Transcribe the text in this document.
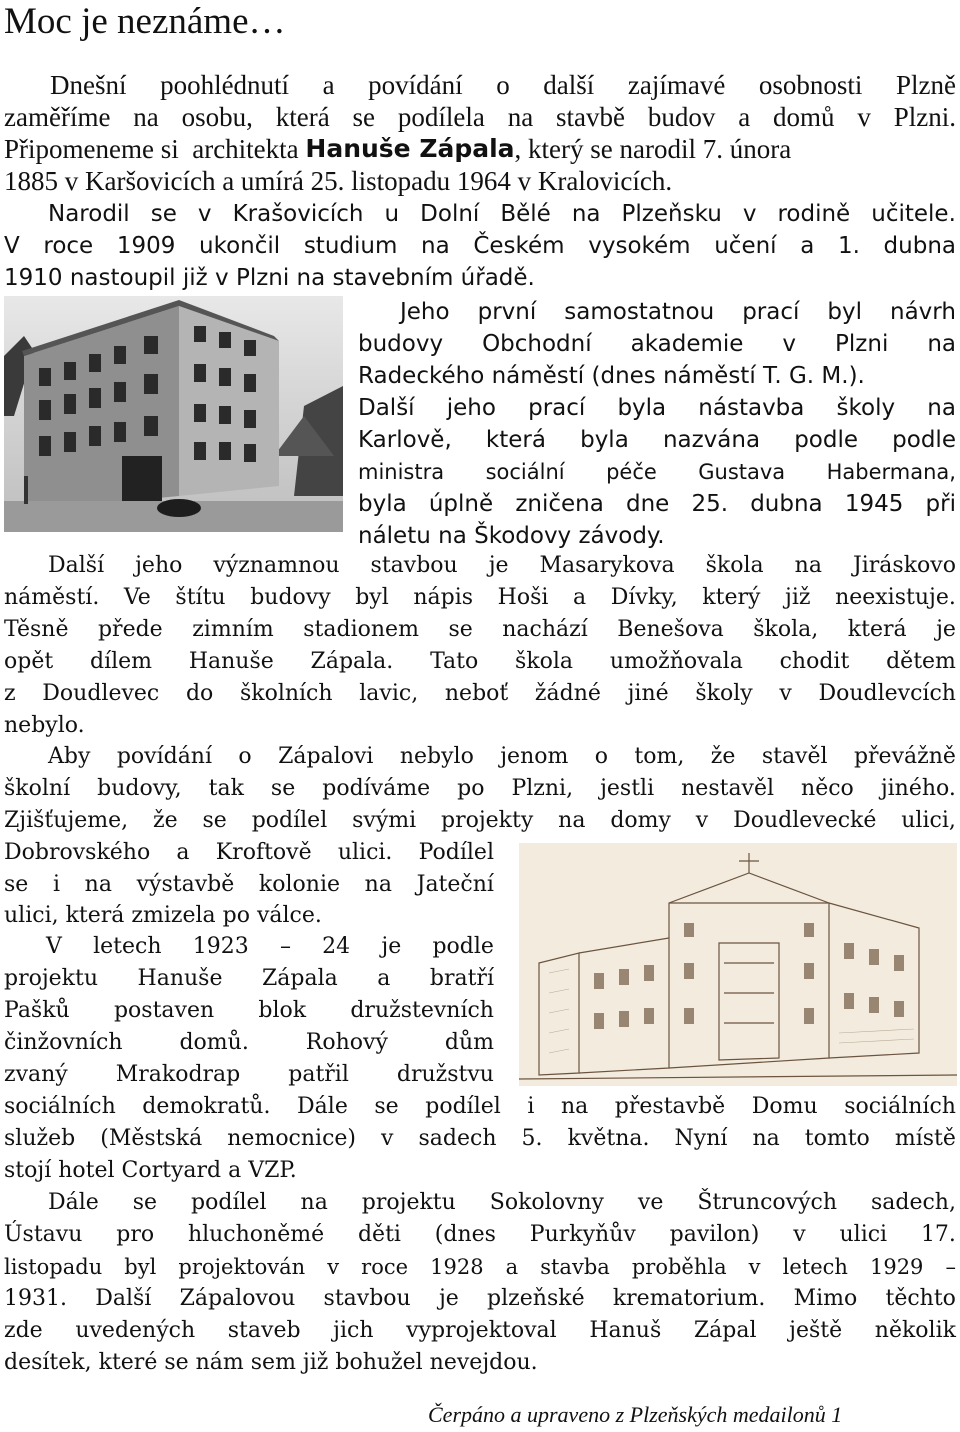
Moc je neznáme…
Dnešní poohlédnutí a povídání o další zajímavé osobnosti Plzně
zaměříme na osobu, která se podílela na stavbě budov a domů v Plzni.
Připomeneme si  architekta
Hanuše Zápala , který se narodil 7. února
1885 v Karšovicích a umírá 25. listopadu 1964 v Kralovicích.
Narodil se v Krašovicích u Dolní Bělé na Plzeňsku v rodině učitele.
V roce 1909 ukončil studium na Českém vysokém učení a 1. dubna
1910 nastoupil již v Plzni na stavebním úřadě.
Jeho první samostatnou prací byl návrh
budovy Obchodní akademie v Plzni na
Radeckého náměstí (dnes náměstí T. G. M.).
Další jeho prací byla nástavba školy na
Karlově, která byla nazvána podle podle
ministra sociální péče Gustava Habermana,
byla úplně zničena dne 25. dubna 1945 při
náletu na Škodovy závody.
Další jeho významnou stavbou je Masarykova škola na Jiráskovo
náměstí. Ve štítu budovy byl nápis Hoši a Dívky, který již neexistuje.
Těsně přede zimním stadionem se nachází Benešova škola, která je
opět dílem Hanuše Zápala. Tato škola umožňovala chodit dětem
z Doudlevec do školních lavic, neboť žádné jiné školy v Doudlevcích
nebylo.
Aby povídání o Zápalovi nebylo jenom o tom, že stavěl převážně
školní budovy, tak se podíváme po Plzni, jestli nestavěl něco jiného.
Zjišťujeme, že se podílel svými projekty na domy v Doudlevecké ulici,
Dobrovského a Kroftově ulici. Podílel
se i na výstavbě kolonie na Jateční
ulici, která zmizela po válce.
V letech 1923 – 24 je podle
projektu Hanuše Zápala a bratří
Pašků postaven blok družstevních
činžovních	domů.	Rohový	dům
zvaný Mrakodrap patřil družstvu
sociálních demokratů. Dále se podílel i na přestavbě Domu sociálních
služeb (Městská nemocnice) v sadech 5. května. Nyní na tomto místě
stojí hotel Cortyard a VZP.
Dále se podílel na projektu Sokolovny ve Štruncových sadech,
Ústavu pro hluchoněmé děti (dnes Purkyňův pavilon) v ulici 17.
listopadu byl projektován v roce 1928 a stavba proběhla v letech 1929 –
1931. Další Zápalovou stavbou je plzeňské krematorium. Mimo těchto
zde uvedených staveb jich vyprojektoval Hanuš Zápal ještě několik
desítek, které se nám sem již bohužel nevejdou.
Čerpáno a upraveno z Plzeňských medailonů 1
